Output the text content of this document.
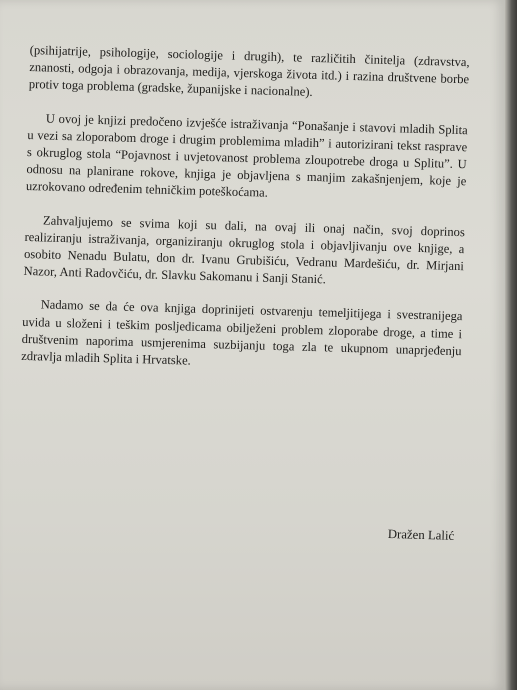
(psihijatrije, psihologije, sociologije i drugih), te različitih činitelja (zdravstva, znanosti, odgoja i obrazovanja, medija, vjerskoga života itd.) i razina društvene borbe protiv toga problema (gradske, županijske i nacionalne).

U ovoj je knjizi predočeno izvješće istraživanja “Ponašanje i stavovi mladih Splita u vezi sa zloporabom droge i drugim problemima mladih” i autorizirani tekst rasprave s okruglog stola “Pojavnost i uvjetovanost problema zloupotrebe droga u Splitu”. U odnosu na planirane rokove, knjiga je objavljena s manjim zakašnjenjem, koje je uzrokovano određenim tehničkim poteškoćama.

Zahvaljujemo se svima koji su dali, na ovaj ili onaj način, svoj doprinos realiziranju istraživanja, organiziranju okruglog stola i objavljivanju ove knjige, a osobito Nenadu Bulatu, don dr. Ivanu Grubišiću, Vedranu Mardešiću, dr. Mirjani Nazor, Anti Radovčiću, dr. Slavku Sakomanu i Sanji Stanić.

Nadamo se da će ova knjiga doprinijeti ostvarenju temeljitijega i svestranijega uvida u složeni i teškim posljedicama obilježeni problem zloporabe droge, a time i društvenim naporima usmjerenima suzbijanju toga zla te ukupnom unaprjeđenju zdravlja mladih Splita i Hrvatske.

Dražen Lalić
